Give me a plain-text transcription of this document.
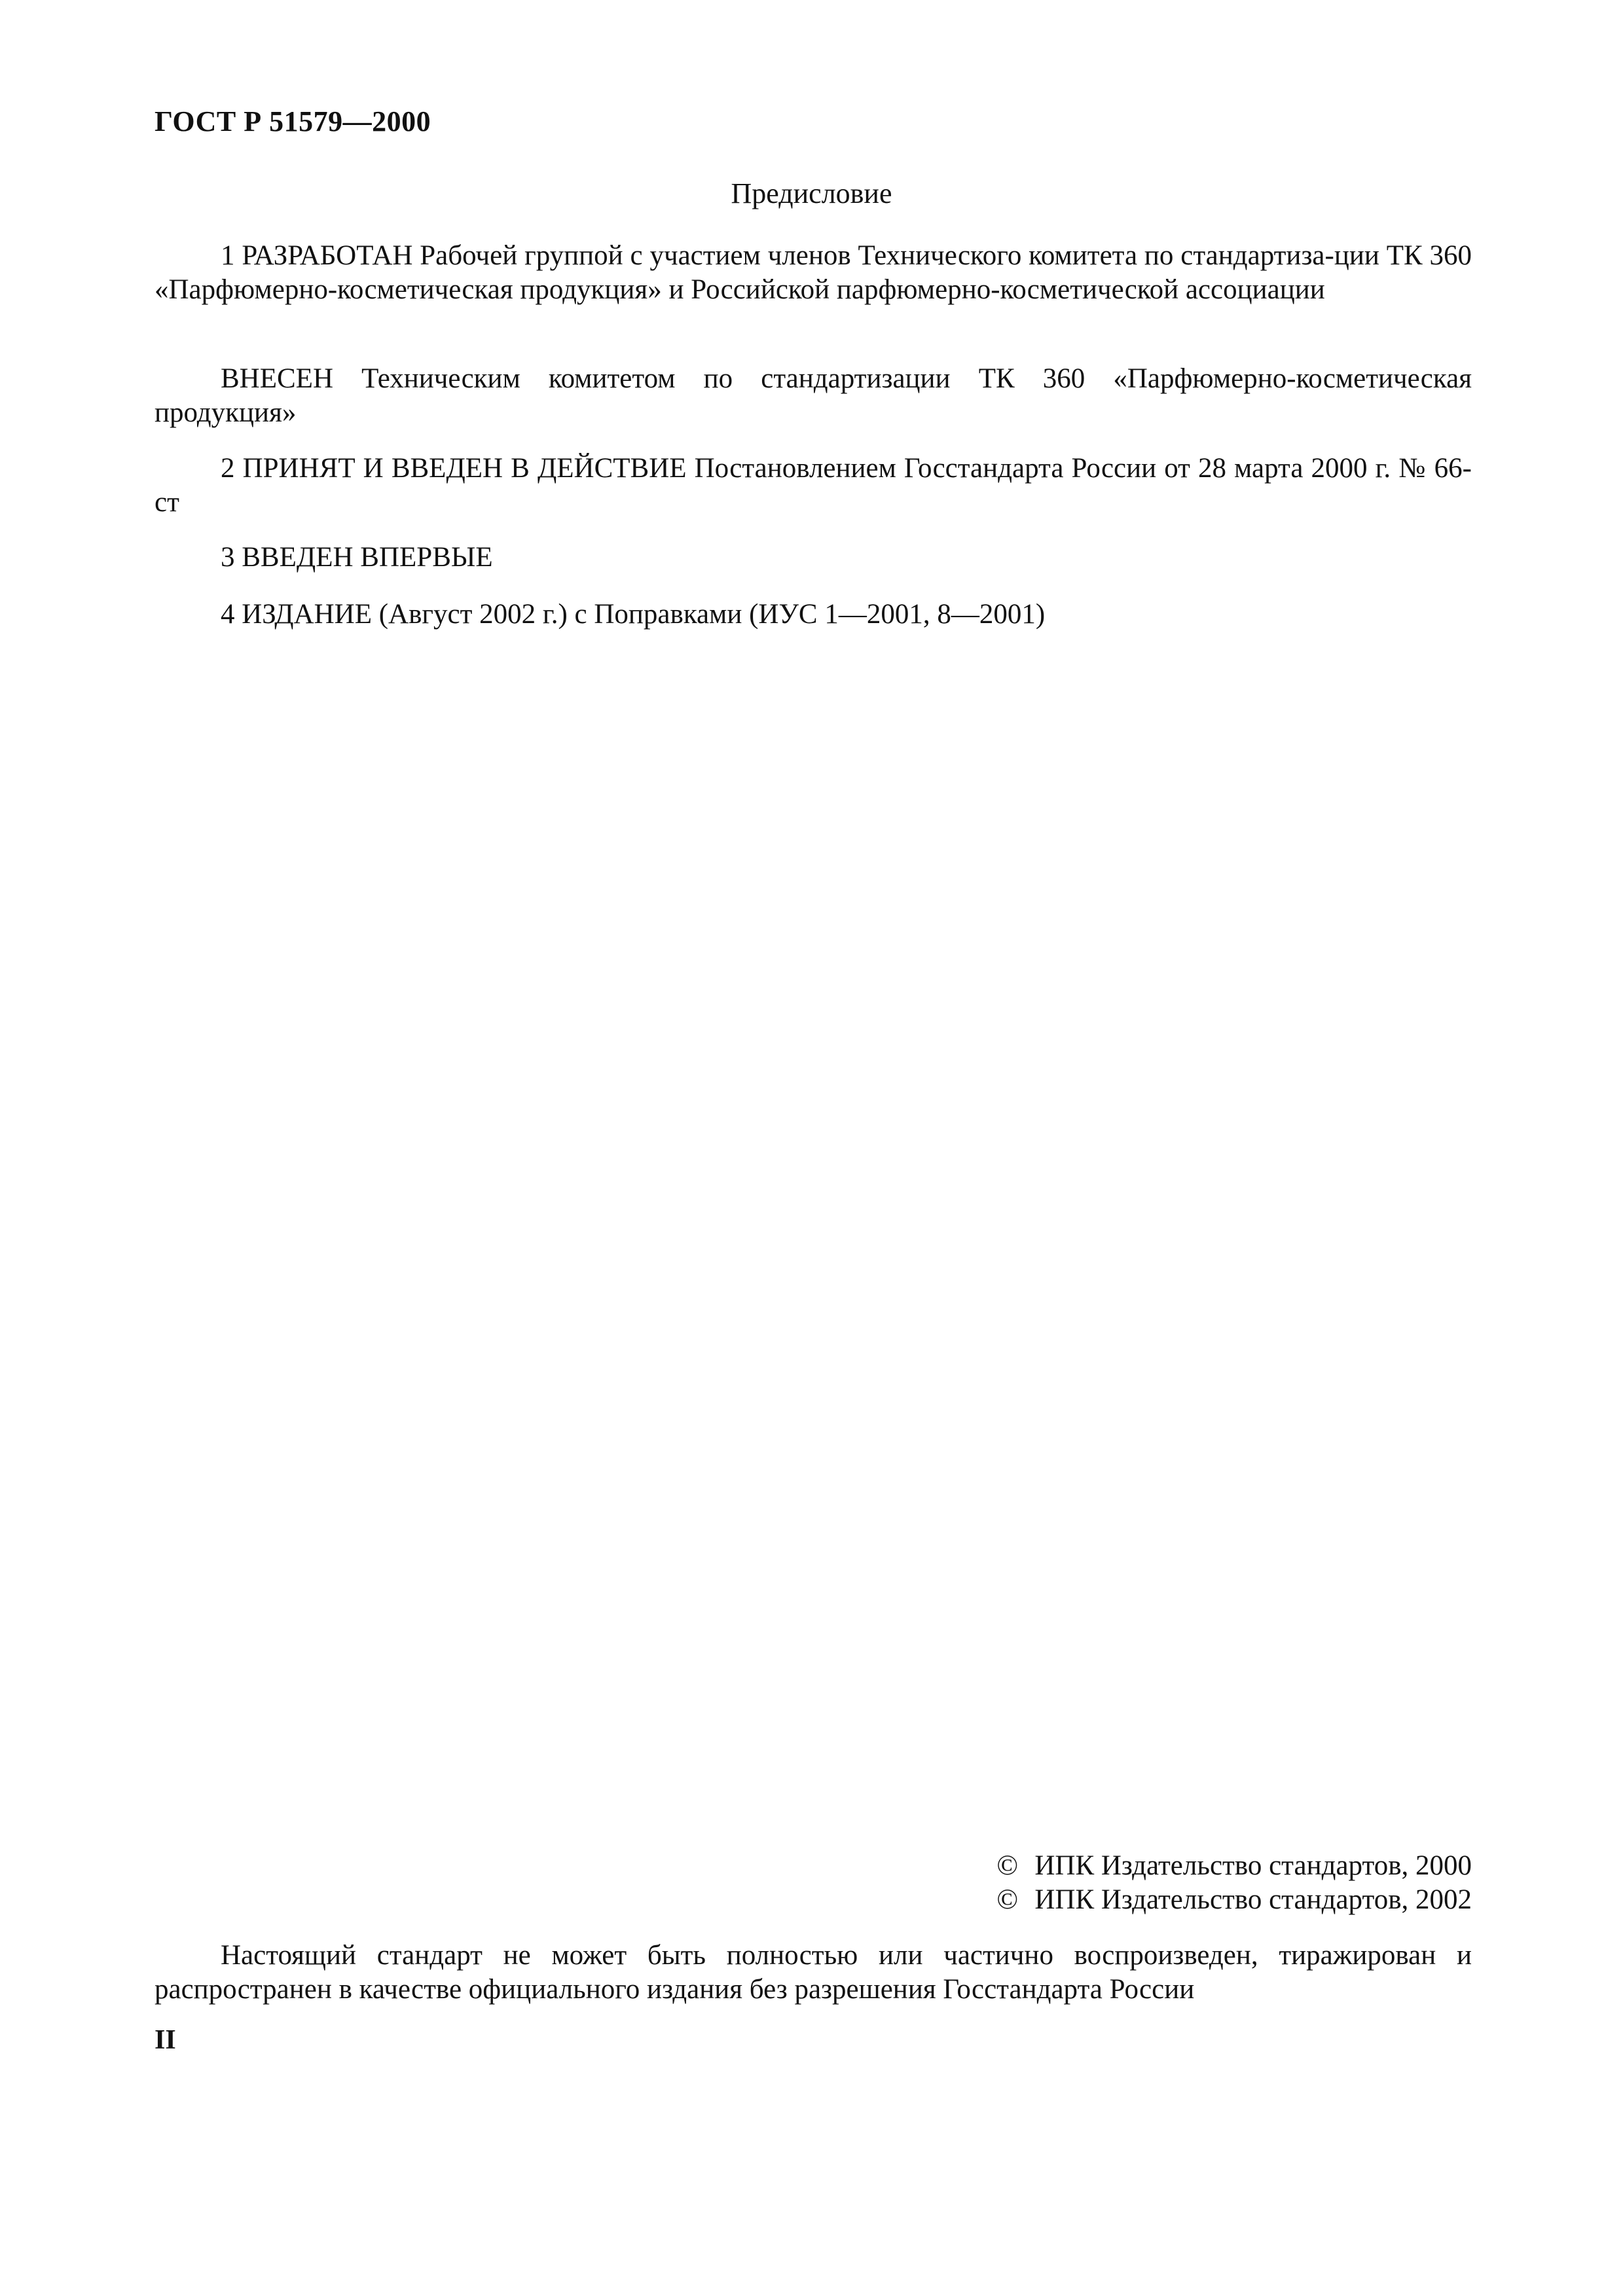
ГОСТ Р 51579—2000
Предисловие
1 РАЗРАБОТАН Рабочей группой с участием членов Технического комитета по стандартиза-ции ТК 360 «Парфюмерно-косметическая продукция» и Российской парфюмерно-косметической ассоциации
ВНЕСЕН Техническим комитетом по стандартизации ТК 360 «Парфюмерно-косметическая продукция»
2 ПРИНЯТ И ВВЕДЕН В ДЕЙСТВИЕ Постановлением Госстандарта России от 28 марта 2000 г. № 66-ст
3 ВВЕДЕН ВПЕРВЫЕ
4 ИЗДАНИЕ (Август 2002 г.) с Поправками (ИУС 1—2001, 8—2001)
© ИПК Издательство стандартов, 2000
© ИПК Издательство стандартов, 2002
Настоящий стандарт не может быть полностью или частично воспроизведен, тиражирован и распространен в качестве официального издания без разрешения Госстандарта России
II
